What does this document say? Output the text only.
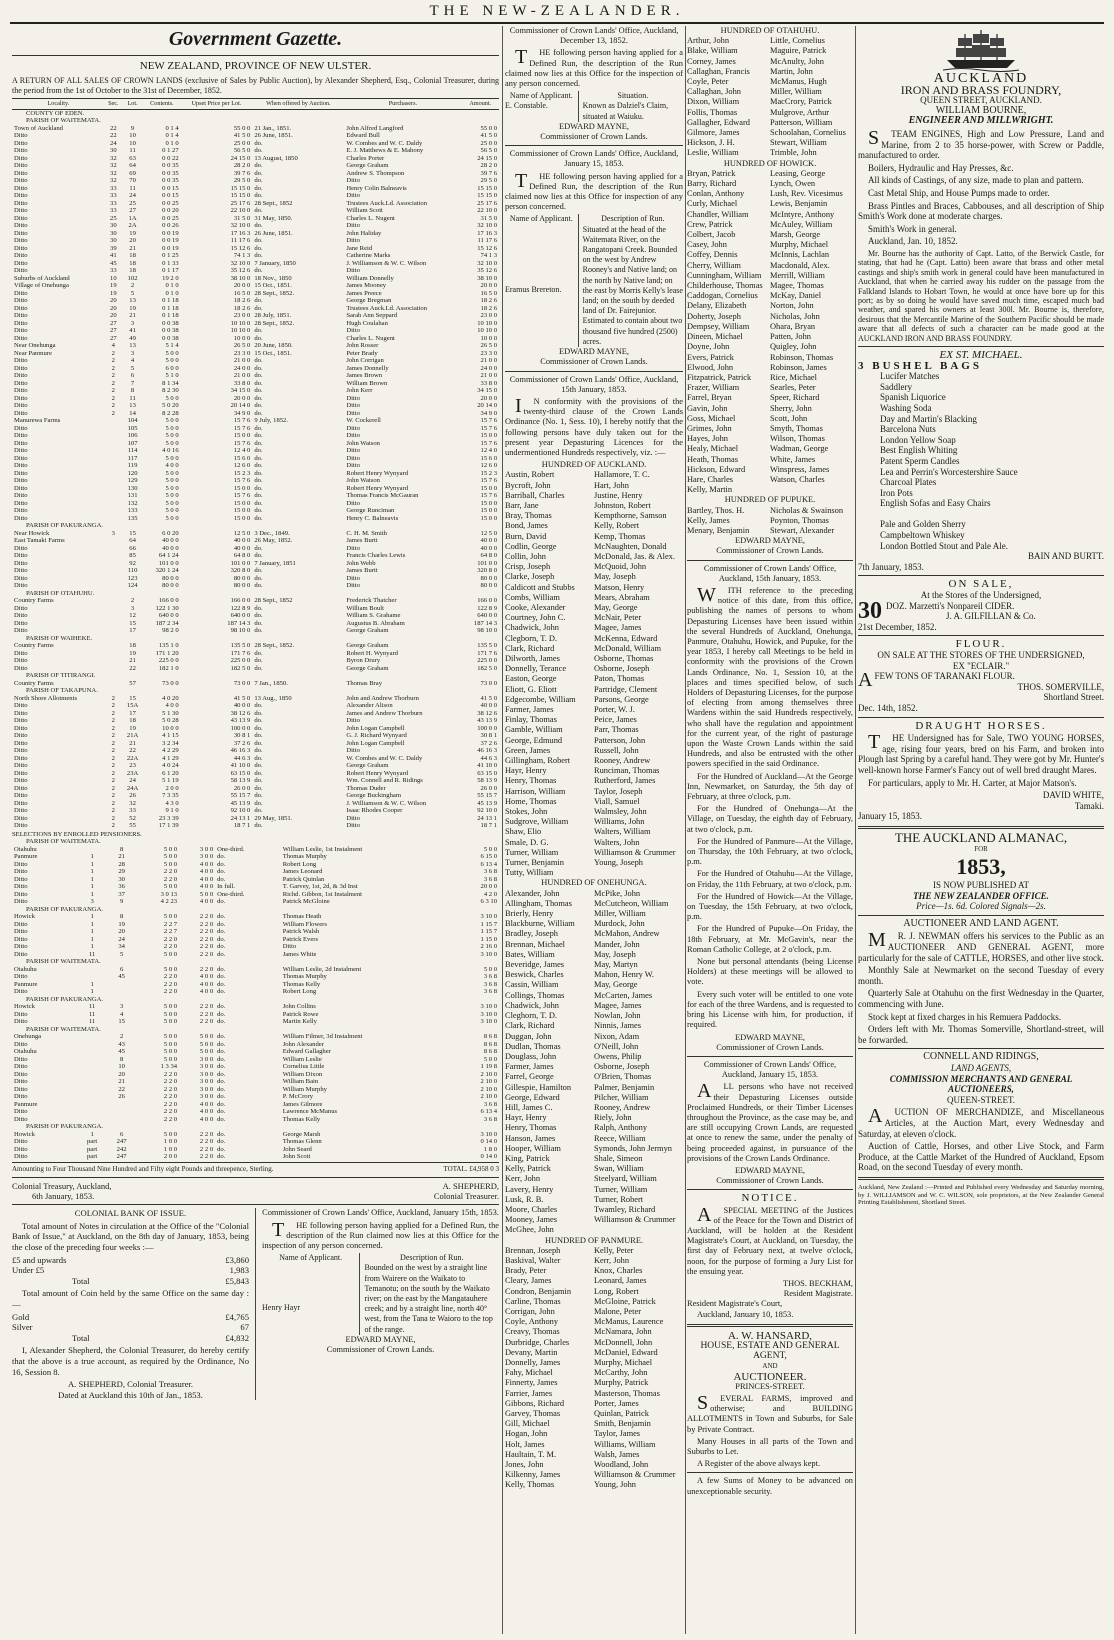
THE NEW-ZEALANDER.
Government Gazette.
NEW ZEALAND, PROVINCE OF NEW ULSTER.
A RETURN OF ALL SALES OF CROWN LANDS (exclusive of Sales by Public Auction), by Alexander Shepherd, Esq., Colonial Treasurer, during the period from the 1st of October to the 31st of December, 1852.
Locality.	Sec.	Lot.	Contents.	Upset Price per Lot.	When offered by Auction.	Purchasers.	Amount.
COUNTY OF EDEN.							
PARISH OF WAITEMATA.							
Town of Auckland	22	9	0 1 4	55 0 0	21 Jan., 1851.	John Alfred Langford	55 0 0
Ditto	22	10	0 1 4	41 5 0	26 June, 1851.	Edward Bull	41 5 0
Ditto	24	10	0 1 0	25 0 0	do.	W. Combes and W. C. Daldy	25 0 0
Ditto	30	11	0 1 27	56 5 0	do.	E. J. Matthews & E. Mahony	56 5 0
Ditto	32	63	0 0 22	24 15 0	13 August, 1850	Charles Porter	24 15 0
Ditto	32	64	0 0 35	28 2 0	do.	George Graham	28 2 0
Ditto	32	69	0 0 35	39 7 6	do.	Andrew S. Thompson	39 7 6
Ditto	32	70	0 0 35	29 5 0	do.	Ditto	29 5 0
Ditto	33	11	0 0 15	15 15 0	do.	Henry Colin Balneavis	15 15 0
Ditto	33	24	0 0 15	15 15 0	do.	Ditto	15 15 0
Ditto	33	25	0 0 25	25 17 6	28 Sept., 1852	Trustees Auck.Ld. Association	25 17 6
Ditto	33	27	0 0 20	22 10 0	do.	William Scott	22 10 0
Ditto	25	1A	0 0 25	31 5 0	31 May, 1850.	Charles L. Nugent	31 5 0
Ditto	30	2A	0 0 26	32 10 0	do.	Ditto	32 10 0
Ditto	30	19	0 0 19	17 16 3	26 June, 1851.	John Haliday	17 16 3
Ditto	30	20	0 0 19	11 17 6	do.	Ditto	11 17 6
Ditto	39	21	0 0 19	15 12 6	do.	Jane Reid	15 12 6
Ditto	41	18	0 1 25	74 1 3	do.	Catherine Marks	74 1 3
Ditto	45	18	0 1 33	32 10 0	7 January, 1850	J. Williamson & W. C. Wilson	32 10 0
Ditto	33	18	0 1 17	35 12 6	do.	Ditto	35 12 6
Suburbs of Auckland	10	102	19 2 0	38 10 0	18 Nov., 1850	William Donnelly	38 10 0
Village of Onehunga	19	2	0 1 0	20 0 0	15 Oct., 1851.	James Mooney	20 0 0
Ditto	19	5	0 1 0	16 5 0	28 Sept., 1852.	James Preece	16 5 0
Ditto	20	13	0 1 18	18 2 6	do.	George Bregman	18 2 6
Ditto	20	19	0 1 18	18 2 6	do.	Trustees Auck.Ld. Association	18 2 6
Ditto	20	21	0 1 18	23 0 0	28 July, 1851.	Sarah Ann Seppard	23 0 0
Ditto	27	3	0 0 38	10 10 0	28 Sept., 1852.	Hugh Coulahan	10 10 0
Ditto	27	41	0 0 38	10 10 0	do.	Ditto	10 10 0
Ditto	27	49	0 0 38	10 0 0	do.	Charles L. Nugent	10 0 0
Near Onehunga	4	13	5 1 4	26 5 0	20 June, 1850.	John Rosser	26 5 0
Near Panmure	2	3	5 0 0	23 3 0	15 Oct., 1851.	Peter Brady	23 3 0
Ditto	2	4	5 0 0	21 0 0	do.	John Corrigan	21 0 0
Ditto	2	5	6 0 0	24 0 0	do.	James Donnelly	24 0 0
Ditto	2	6	5 1 0	21 0 0	do.	James Brown	21 0 0
Ditto	2	7	8 1 34	33 8 0	do.	William Brown	33 8 0
Ditto	2	8	8 2 30	34 15 0	do.	John Kerr	34 15 0
Ditto	2	11	5 0 0	20 0 0	do.	Ditto	20 0 0
Ditto	2	13	5 0 20	20 14 0	do.	Ditto	20 14 0
Ditto	2	14	8 2 28	34 9 0	do.	Ditto	34 9 0
Manurewa Farms		104	5 0 0	15 7 6	9 July, 1852.	W. Cockerell	15 7 6
Ditto		105	5 0 0	15 7 6	do.	Ditto	15 7 6
Ditto		106	5 0 0	15 0 0	do.	Ditto	15 0 0
Ditto		107	5 0 0	15 7 6	do.	John Watson	15 7 6
Ditto		114	4 0 16	12 4 0	do.	Ditto	12 4 0
Ditto		117	5 0 0	15 6 0	do.	Ditto	15 6 0
Ditto		119	4 0 0	12 6 0	do.	Ditto	12 6 0
Ditto		120	5 0 0	15 2 3	do.	Robert Henry Wynyard	15 2 3
Ditto		129	5 0 0	15 7 6	do.	John Watson	15 7 6
Ditto		130	5 0 0	15 0 0	do.	Robert Henry Wynyard	15 0 0
Ditto		131	5 0 0	15 7 6	do.	Thomas Francis McGauran	15 7 6
Ditto		132	5 0 0	15 0 0	do.	Ditto	15 0 0
Ditto		133	5 0 0	15 0 0	do.	George Runciman	15 0 0
Ditto		135	5 0 0	15 0 0	do.	Henry C. Balneavis	15 0 0
PARISH OF PAKURANGA.							
Near Howick	3	15	6 0 20	12 5 0	3 Dec., 1849.	C. H. M. Smith	12 5 0
East Tamaki Farms		64	40 0 0	40 0 0	26 May, 1852.	James Burtt	40 0 0
Ditto		66	40 0 0	40 0 0	do.	Ditto	40 0 0
Ditto		85	64 1 24	64 8 0	do.	Francis Charles Lewis	64 8 0
Ditto		92	101 0 0	101 0 0	7 January, 1851	John Webb	101 0 0
Ditto		110	320 1 24	320 8 0	do.	James Burtt	320 8 0
Ditto		123	80 0 0	80 0 0	do.	Ditto	80 0 0
Ditto		124	80 0 0	80 0 0	do.	Ditto	80 0 0
PARISH OF OTAHUHU.							
Country Farms		2	166 0 0	166 0 0	28 Sept., 1852	Frederick Thatcher	166 0 0
Ditto		3	122 1 30	122 8 9	do.	William Boult	122 8 9
Ditto		12	640 0 0	640 0 0	do.	William S. Grahame	640 0 0
Ditto		15	187 2 34	187 14 3	do.	Augustus B. Abraham	187 14 3
Ditto		17	98 2 0	98 10 0	do.	George Graham	98 10 0
PARISH OF WAIHEKE.							
Country Farms		18	135 1 0	135 5 0	28 Sept., 1852.	George Graham	135 5 0
Ditto		19	171 1 20	171 7 6	do.	Robert H. Wynyard	171 7 6
Ditto		21	225 0 0	225 0 0	do.	Byron Drury	225 0 0
Ditto		22	182 1 0	182 5 0	do.	George Graham	182 5 0
PARISH OF TITIRANGI.							
Country Farms		57	73 0 0	73 0 0	7 Jan., 1850.	Thomas Bray	73 0 0
PARISH OF TAKAPUNA.							
North Shore Allotments	2	15	4 0 20	41 5 0	13 Aug., 1850	John and Andrew Thorburn	41 5 0
Ditto	2	15A	4 0 0	40 0 0	do.	Alexander Alison	40 0 0
Ditto	2	17	5 1 30	38 12 6	do.	James and Andrew Thorburn	38 12 6
Ditto	2	18	5 0 28	43 13 9	do.	Ditto	43 13 9
Ditto	2	19	10 0 0	100 0 0	do.	John Logan Campbell	100 0 0
Ditto	2	21A	4 1 15	30 8 1	do.	G. J. Richard Wynyard	30 8 1
Ditto	2	21	3 2 34	37 2 6	do.	John Logan Campbell	37 2 6
Ditto	2	22	4 2 29	46 16 3	do.	Ditto	46 16 3
Ditto	2	22A	4 1 29	44 6 3	do.	W. Combes and W. C. Daldy	44 6 3
Ditto	2	23	4 0 24	41 10 0	do.	George Graham	41 10 0
Ditto	2	23A	6 1 20	63 15 0	do.	Robert Henry Wynyard	63 15 0
Ditto	2	24	5 1 19	58 13 9	do.	Wm. Connell and R. Ridings	58 13 9
Ditto	2	24A	2 0 0	26 0 0	do.	Thomas Duder	26 0 0
Ditto	2	26	7 3 35	55 15 7	do.	George Buckingham	55 15 7
Ditto	2	32	4 3 0	45 13 9	do.	J. Williamson & W. C. Wilson	45 13 9
Ditto	2	33	9 1 0	92 10 0	do.	Isaac Rhodes Cooper	92 10 0
Ditto	2	52	23 3 39	24 13 1	29 May, 1851.	Ditto	24 13 1
Ditto	2	55	17 1 39	18 7 1	do.	Ditto	18 7 1
SELECTIONS BY ENROLLED PENSIONERS.
PARISH OF WAITEMATA.							
Otahuhu		8	5 0 0	3 0 0	One-third.	William Leslie, 1st Instalment	5 0 0
Panmure	1	21	5 0 0	3 0 0	do.	Thomas Murphy	6 15 0
Ditto	1	28	5 0 0	4 0 0	do.	Robert Long	6 13 4
Ditto	1	29	2 2 0	4 0 0	do.	James Leonard	3 6 8
Ditto	1	30	2 2 0	4 0 0	do.	Patrick Quinlan	3 6 8
Ditto	1	36	5 0 0	4 0 0	In full.	T. Garvey, 1st, 2d, & 3d Inst	20 0 0
Ditto	1	37	3 0 13	5 0 0	One-third.	Richd. Gibbon, 1st Instalment	4 2 0
Ditto	3	9	4 2 23	4 0 0	do.	Patrick McGloine	6 3 10
PARISH OF PAKURANGA.							
Howick	1	8	5 0 0	2 2 0	do.	Thomas Heath	3 10 0
Ditto	1	19	2 2 7	2 2 0	do.	William Flowers	1 15 7
Ditto	1	20	2 2 7	2 2 0	do.	Patrick Walsh	1 15 7
Ditto	1	24	2 2 0	2 2 0	do.	Patrick Evers	1 15 0
Ditto	1	34	2 2 0	2 2 0	do.	Ditto	2 16 0
Ditto	11	5	5 0 0	2 2 0	do.	James White	3 10 0
PARISH OF WAITEMATA.							
Otahuhu		6	5 0 0	2 2 0	do.	William Leslie, 2d Instalment	5 0 0
Ditto		45	2 2 0	4 0 0	do.	Thomas Murphy	3 6 8
Panmure	1		2 2 0	4 0 0	do.	Thomas Kelly	3 6 8
Ditto	1		2 2 0	4 0 0	do.	Robert Long	3 6 8
PARISH OF PAKURANGA.							
Howick	11	3	5 0 0	2 2 0	do.	John Collins	3 10 0
Ditto	11	4	5 0 0	2 2 0	do.	Patrick Rowe	3 10 0
Ditto	11	15	5 0 0	2 2 0	do.	Martin Kelly	3 10 0
PARISH OF WAITEMATA.							
Onehunga		2	5 0 0	5 0 0	do.	William Filmer, 3d Instalment	8 6 8
Ditto		43	5 0 0	5 0 0	do.	John Alexander	8 6 8
Otahuhu		45	5 0 0	5 0 0	do.	Edward Gallagher	8 6 8
Ditto		8	5 0 0	3 0 0	do.	William Leslie	5 0 0
Ditto		10	1 3 34	3 0 0	do.	Cornelius Little	1 19 8
Ditto		20	2 2 0	3 0 0	do.	William Dixon	2 10 0
Ditto		21	2 2 0	3 0 0	do.	William Bain	2 10 0
Ditto		22	2 2 0	3 0 0	do.	William Murphy	2 10 0
Ditto		26	2 2 0	3 0 0	do.	P. McCrory	2 10 0
Panmure			2 2 0	4 0 0	do.	James Gilmore	3 6 8
Ditto			2 2 0	4 0 0	do.	Lawrence McManus	6 13 4
Ditto			2 2 0	4 0 0	do.	Thomas Kelly	3 6 8
PARISH OF PAKURANGA.							
Howick	1	6	5 0 0	2 2 0	do.	George Marsh	3 10 0
Ditto	part	247	1 0 0	2 2 0	do.	Thomas Glenn	0 14 0
Ditto	part	242	1 0 0	2 2 0	do.	John Seard	1 8 0
Ditto	part	247	2 0 0	2 2 0	do.	John Scott	0 14 0
Amounting to Four Thousand Nine Hundred and Fifty eight Pounds and threepence, Sterling.	TOTAL. £4,958 0 3
Colonial Treasury, Auckland,
6th January, 1853.
A. SHEPHERD,
Colonial Treasurer.
COLONIAL BANK OF ISSUE.
Total amount of Notes in circulation at the Office of the "Colonial Bank of Issue," at Auckland, on the 8th day of January, 1853, being the close of the preceding four weeks :—
£5 and upwards	£3,860
Under £5	1,983
Total	£5,843
Total amount of Coin held by the same Office on the same day :—
Gold	£4,765
Silver	67
Total	£4,832
I, Alexander Shepherd, the Colonial Treasurer, do hereby certify that the above is a true account, as required by the Ordinance, No 16, Session 8.
A. SHEPHERD, Colonial Treasurer.
Dated at Auckland this 10th of Jan., 1853.
Commissioner of Crown Lands' Office, Auckland, January 15th, 1853.
THE following person having applied for a Defined Run, the description of the Run claimed now lies at this Office for the inspection of any person concerned.
Name of Applicant.	Description of Run.
Henry Hayr
Bounded on the west by a straight line from Wairere on the Waikato to Temanotu; on the south by the Waikato river; on the east by the Mangatauhere creek; and by a straight line, north 40° west, from the Tana te Waioro to the top of the range.
EDWARD MAYNE,
Commissioner of Crown Lands.
Commissioner of Crown Lands' Office, Auckland, December 13, 1852.
THE following person having applied for a Defined Run, the description of the Run claimed now lies at this Office for the inspection of any person concerned.
Name of Applicant.	Situation.
E. Constable.	Known as Dalziel's Claim, situated at Waiuku.
EDWARD MAYNE,
Commissioner of Crown Lands.
Commissioner of Crown Lands' Office, Auckland, January 15, 1853.
THE following person having applied for a Defined Run, the description of the Run claimed now lies at this Office for inspection of any person concerned.
Name of Applicant.	Description of Run.
Eramus Brereton.
Situated at the head of the Waitemata River, on the Rangatopani Creek. Bounded on the west by Andrew Rooney's and Native land; on the north by Native land; on the east by Morris Kelly's lease land; on the south by deeded land of Dr. Fairejunior. Estimated to contain about two thousand five hundred (2500) acres.
EDWARD MAYNE,
Commissioner of Crown Lands.
Commissioner of Crown Lands' Office, Auckland, 15th January, 1853.
IN conformity with the provisions of the twenty-third clause of the Crown Lands Ordinance (No. 1, Sess. 10), I hereby notify that the following persons have duly taken out for the present year Depasturing Licences for the undermentioned Hundreds respectively, viz. :—
HUNDRED OF AUCKLAND.
Austin, Robert
Bycroft, John
Barriball, Charles
Barr, Jane
Bray, Thomas
Bond, James
Burn, David
Codlin, George
Collin, John
Crisp, Joseph
Clarke, Joseph
Caldicott and Stubbs
Combs, William
Cooke, Alexander
Courtney, John C.
Chadwick, John
Clegborn, T. D.
Clark, Richard
Dilworth, James
Donnelly, Terance
Easton, George
Eliott, G. Eliott
Edgecombe, William
Farmer, James
Finlay, Thomas
Gamble, William
George, Edmund
Green, James
Gillingham, Robert
Hayr, Henry
Henry, Thomas
Harrison, William
Home, Thomas
Stokes, John
Sudgrove, William
Shaw, Elio
Smale, D. G.
Turner, William
Turner, Benjamin
Tutty, William
Hallamore, T. C.
Hart, John
Justine, Henry
Johnston, Robert
Kempthorne, Samson
Kelly, Robert
Kemp, Thomas
McNaughten, Donald
McDonald, Jas. & Alex.
McQuoid, John
May, Joseph
Matson, Henry
Mears, Abraham
May, George
McNair, Peter
Magee, James
McKenna, Edward
McDonald, William
Osborne, Thomas
Osborne, Joseph
Paton, Thomas
Partridge, Clement
Parsons, George
Porter, W. J.
Peice, James
Parr, Thomas
Patterson, John
Russell, John
Rooney, Andrew
Runciman, Thomas
Rutherford, James
Taylor, Joseph
Viall, Samuel
Walmsley, John
Williams, John
Walters, William
Walters, John
Williamson & Crummer
Young, Joseph

HUNDRED OF ONEHUNGA.
Alexander, John
Allingham, Thomas
Brierly, Henry
Blackburne, William
Bradley, Joseph
Brennan, Michael
Bates, William
Beveridge, James
Beswick, Charles
Cassin, William
Collings, Thomas
Chadwick, John
Cleghorn, T. D.
Clark, Richard
Duggan, John
Dudlan, Thomas
Douglass, John
Farmer, James
Farrel, George
Gillespie, Hamilton
George, Edward
Hill, James C.
Hayr, Henry
Henry, Thomas
Hanson, James
Hooper, William
King, Patrick
Kelly, Patrick
Kerr, John
Lavery, Henry
Lusk, R. B.
Moore, Charles
Mooney, James
McGhee, John
McPike, John
McCutcheon, William
Miller, William
Murdock, John
McMahon, Andrew
Mander, John
May, Joseph
May, Martyn
Mahon, Henry W.
May, George
McCarten, James
Magee, James
Nowlan, John
Ninnis, James
Nixon, Adam
O'Neill, John
Owens, Philip
Osborne, Joseph
O'Brien, Thomas
Palmer, Benjamin
Pilcher, William
Rooney, Andrew
Riely, John
Ralph, Anthony
Reece, William
Symonds, John Jermyn
Shale, Simeon
Swan, William
Steelyard, William
Turner, William
Turner, Robert
Twamley, Richard
Williamson & Crummer

HUNDRED OF PANMURE.
Brennan, Joseph
Baskival, Walter
Brady, Peter
Cleary, James
Condron, Benjamin
Carline, Thomas
Corrigan, John
Coyle, Anthony
Creavy, Thomas
Durbridge, Charles
Devany, Martin
Donnelly, James
Fahy, Michael
Finnerty, James
Farrier, James
Gibbons, Richard
Garvey, Thomas
Gill, Michael
Hogan, John
Holt, James
Haultain, T. M.
Jones, John
Kilkenny, James
Kelly, Thomas
Kelly, Peter
Kerr, John
Knox, Charles
Leonard, James
Long, Robert
McGloine, Patrick
Malone, Peter
McManus, Laurence
McNamara, John
McDonnell, John
McDaniel, Edward
Murphy, Michael
McCarthy, John
Murphy, Patrick
Masterson, Thomas
Porter, James
Quinlan, Patrick
Smith, Benjamin
Taylor, James
Williams, William
Walsh, James
Woodland, John
Williamson & Crummer
Young, John
HUNDRED OF OTAHUHU.
Arthur, John
Blake, William
Corney, James
Callaghan, Francis
Coyle, Peter
Callaghan, John
Dixon, William
Follis, Thomas
Gallagher, Edward
Gilmore, James
Hickson, J. H.
Leslie, William
Little, Cornelius
Maguire, Patrick
McAnulty, John
Martin, John
McManus, Hugh
Miller, William
MacCrory, Patrick
Mulgrove, Arthur
Patterson, William
Schoolahan, Cornelius
Stewart, William
Trimble, John
HUNDRED OF HOWICK.
Bryan, Patrick
Barry, Richard
Conlan, Anthony
Curly, Michael
Chandler, William
Crew, Patrick
Colbert, Jacob
Casey, John
Coffey, Dennis
Cherry, William
Cunningham, William
Childerhouse, Thomas
Caddogan, Cornelius
Delany, Elizabeth
Doherty, Joseph
Dempsey, William
Dineen, Michael
Doyne, John
Evers, Patrick
Elwood, John
Fitzpatrick, Patrick
Frazer, William
Farrel, Bryan
Gavin, John
Goss, Michael
Grimes, John
Hayes, John
Healy, Michael
Heath, Thomas
Hickson, Edward
Hare, Charles
Kelly, Martin
Leasing, George
Lynch, Owen
Lush, Rev. Vicesimus
Lewis, Benjamin
McIntyre, Anthony
McAuley, William
Marsh, George
Murphy, Michael
McInnis, Lachlan
Macdonald, Alex.
Merrill, William
Magee, Thomas
McKay, Daniel
Norton, John
Nicholas, John
Ohara, Bryan
Patten, John
Quigley, John
Robinson, Thomas
Robinson, James
Rice, Michael
Searles, Peter
Speer, Richard
Sherry, John
Scott, John
Smyth, Thomas
Wilson, Thomas
Wadman, George
White, James
Winspress, James
Watson, Charles

HUNDRED OF PUPUKE.
Bartley, Thos. H.
Kelly, James
Menary, Benjamin
Nicholas & Swainson
Poynton, Thomas
Stewart, Alexander
EDWARD MAYNE,
Commissioner of Crown Lands.
Commissioner of Crown Lands' Office, Auckland, 15th January, 1853.
WITH reference to the preceding notice of this date, from this office, publishing the names of persons to whom Depasturing Licenses have been issued within the several Hundreds of Auckland, Onehunga, Panmure, Otahuhu, Howick, and Pupuke, for the year 1853, I hereby call Meetings to be held in conformity with the provisions of the Crown Lands Ordinance, No. 1, Session 10, at the places and times specified below, of such Holders of Depasturing Licenses, for the purpose of electing from among themselves three Wardens within the said Hundreds respectively, who shall have the regulation and appointment for the current year, of the right of pasturage upon the Waste Crown Lands within the said Hundreds, and also be entrusted with the other powers specified in the said Ordinance.
For the Hundred of Auckland—At the George Inn, Newmarket, on Saturday, the 5th day of February, at three o'clock, p.m.
For the Hundred of Onehunga—At the Village, on Tuesday, the eighth day of February, at two o'clock, p.m.
For the Hundred of Panmure—At the Village, on Thursday, the 10th February, at two o'clock, p.m.
For the Hundred of Otahuhu—At the Village, on Friday, the 11th February, at two o'clock, p.m.
For the Hundred of Howick—At the Village, on Tuesday, the 15th February, at two o'clock, p.m.
For the Hundred of Pupuke—On Friday, the 18th February, at Mr. McGavin's, near the Roman Catholic College, at 2 o'clock, p.m.
None but personal attendants (being License Holders) at these meetings will be allowed to vote.
Every such voter will be entitled to one vote for each of the three Wardens, and is requested to bring his License with him, for production, if required.
EDWARD MAYNE,
Commissioner of Crown Lands.
Commissioner of Crown Lands' Office, Auckland, January 15, 1853.
ALL persons who have not received their Depasturing Licenses outside Proclaimed Hundreds, or their Timber Licenses throughout the Province, as the case may be, and are still occupying Crown Lands, are requested at once to renew the same, under the penalty of being proceeded against, in pursuance of the provisions of the Crown Lands Ordinance.
EDWARD MAYNE,
Commissioner of Crown Lands.
NOTICE.
ASPECIAL MEETING of the Justices of the Peace for the Town and District of Auckland, will be holden at the Resident Magistrate's Court, at Auckland, on Tuesday, the first day of February next, at twelve o'clock, noon, for the purpose of forming a Jury List for the ensuing year.
THOS. BECKHAM,
Resident Magistrate.
Resident Magistrate's Court,
Auckland, January 10, 1853.
A. W. HANSARD,
HOUSE, ESTATE AND GENERAL AGENT,
AND
AUCTIONEER.
PRINCES-STREET.
SEVERAL FARMS, improved and otherwise; and BUILDING ALLOTMENTS in Town and Suburbs, for Sale by Private Contract.
Many Houses in all parts of the Town and Suburbs to Let.
A Register of the above always kept.
A few Sums of Money to be advanced on unexceptionable security.
AUCKLAND
IRON AND BRASS FOUNDRY,
QUEEN STREET, AUCKLAND.
WILLIAM BOURNE,
ENGINEER AND MILLWRIGHT.
STEAM ENGINES, High and Low Pressure, Land and Marine, from 2 to 35 horse-power, with Screw or Paddle, manufactured to order.
Boilers, Hydraulic and Hay Presses, &c.
All kinds of Castings, of any size, made to plan and pattern.
Cast Metal Ship, and House Pumps made to order.
Brass Pintles and Braces, Cabbouses, and all description of Ship Smith's Work done at moderate charges.
Smith's Work in general.
Auckland, Jan. 10, 1852.
Mr. Bourne has the authority of Capt. Latto, of the Berwick Castle, for stating, that had he (Capt. Latto) been aware that brass and other metal castings and ship's smith work in general could have been manufactured in Auckland, that when he carried away his rudder on the passage from the Falkland Islands to Hobart Town, he would at once have bore up for this port; as by so doing he would have saved much time, escaped much bad weather, and spared his owners at least 300l. Mr. Bourne is, therefore, desirous that the Mercantile Marine of the Southern Pacific should be made aware that all defects of such a character can be made good at the AUCKLAND IRON AND BRASS FOUNDRY.
EX ST. MICHAEL.
3 BUSHEL BAGS
Lucifer Matches
Saddlery
Spanish Liquorice
Washing Soda
Day and Martin's Blacking
Barcelona Nuts
London Yellow Soap
Best English Whiting
Patent Sperm Candles
Lea and Perrin's Worcestershire Sauce
Charcoal Plates
Iron Pots
English Sofas and Easy Chairs

Pale and Golden Sherry
Campbeltown Whiskey
London Bottled Stout and Pale Ale.
BAIN AND BURTT.
7th January, 1853.
ON SALE,
At the Stores of the Undersigned,
30 DOZ. Marzetti's Nonpareil CIDER.
J. A. GILFILLAN & Co.
21st December, 1852.
FLOUR.
ON SALE AT THE STORES OF THE UNDERSIGNED,
EX "ECLAIR."
AFEW TONS OF TARANAKI FLOUR.
THOS. SOMERVILLE,
Shortland Street.
Dec. 14th, 1852.
DRAUGHT HORSES.
THE Undersigned has for Sale, TWO YOUNG HORSES, age, rising four years, bred on his Farm, and broken into Plough last Spring by a careful hand. They were got by Mr. Hunter's well-known horse Farmer's Fancy out of well bred draught Mares.
For particulars, apply to Mr. H. Carter, at Major Matson's.
DAVID WHITE,
Tamaki.
January 15, 1853.
THE AUCKLAND ALMANAC,
FOR
1853,
IS NOW PUBLISHED AT
THE NEW ZEALANDER OFFICE.
Price—1s. 6d. Colored Signals—2s.
AUCTIONEER AND LAND AGENT.
MR. J. NEWMAN offers his services to the Public as an AUCTIONEER AND GENERAL AGENT, more particularly for the sale of CATTLE, HORSES, and other live stock.
Monthly Sale at Newmarket on the second Tuesday of every month.
Quarterly Sale at Otahuhu on the first Wednesday in the Quarter, commencing with June.
Stock kept at fixed charges in his Remuera Paddocks.
Orders left with Mr. Thomas Somerville, Shortland-street, will be forwarded.
CONNELL AND RIDINGS,
LAND AGENTS,
COMMISSION MERCHANTS AND GENERAL AUCTIONEERS,
QUEEN-STREET.
AUCTION OF MERCHANDIZE, and Miscellaneous Articles, at the Auction Mart, every Wednesday and Saturday, at eleven o'clock.
Auction of Cattle, Horses, and other Live Stock, and Farm Produce, at the Cattle Market of the Hundred of Auckland, Epsom Road, on the second Tuesday of every month.
Auckland, New Zealand :—Printed and Published every Wednesday and Saturday morning, by J. WILLIAMSON and W. C. WILSON, sole proprietors, at the New Zealander General Printing Establishment, Shortland Street.
